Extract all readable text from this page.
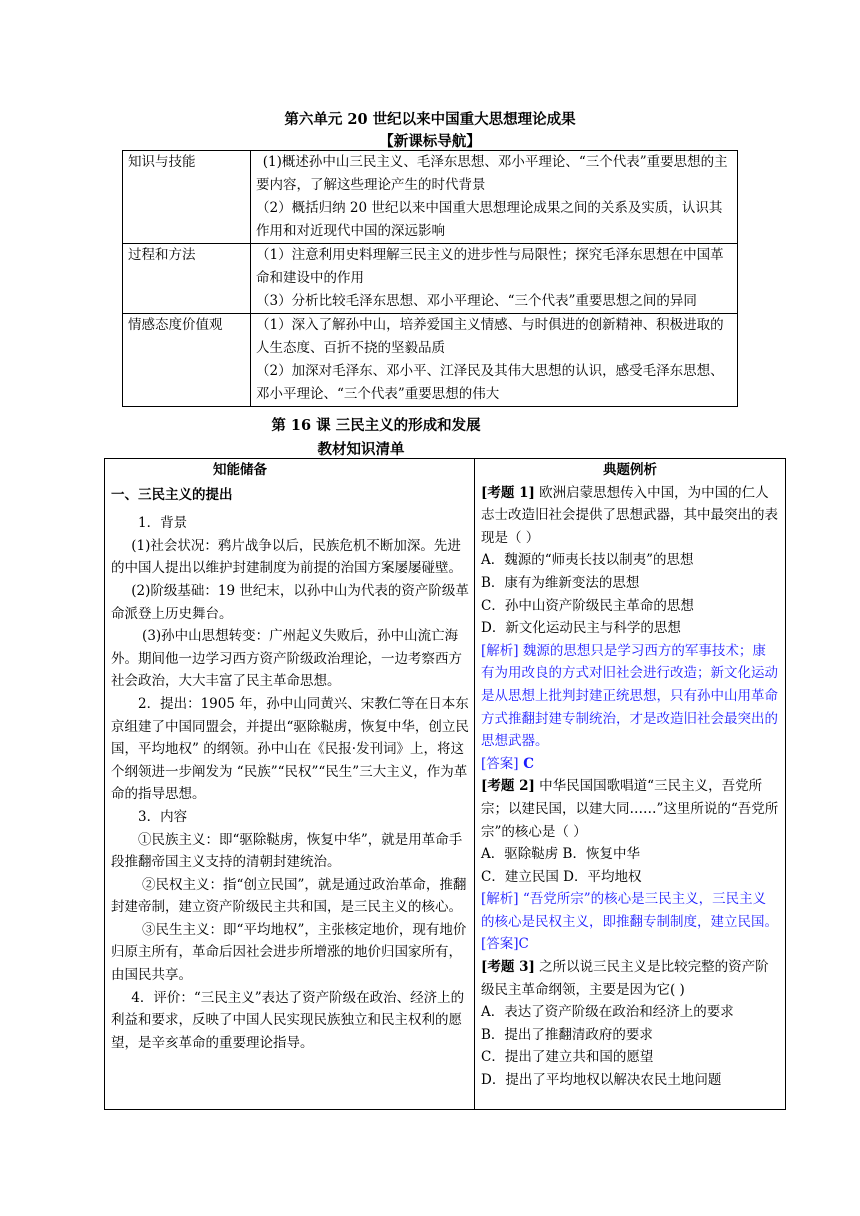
第六单元 20 世纪以来中国重大思想理论成果
【新课标导航】
知识与技能	(1)概述孙中山三民主义、毛泽东思想、邓小平理论、“三个代表”重要思想的主要内容，了解这些理论产生的时代背景

（2）概括归纳 20 世纪以来中国重大思想理论成果之间的关系及实质，认识其作用和对近现代中国的深远影响

过程和方法	（1）注意利用史料理解三民主义的进步性与局限性；探究毛泽东思想在中国革命和建设中的作用

（3）分析比较毛泽东思想、邓小平理论、“三个代表”重要思想之间的异同

情感态度价值观	（1）深入了解孙中山，培养爱国主义情感、与时俱进的创新精神、积极进取的人生态度、百折不挠的坚毅品质

（2）加深对毛泽东、邓小平、江泽民及其伟大思想的认识，感受毛泽东思想、邓小平理论、“三个代表”重要思想的伟大

第 16 课 三民主义的形成和发展
教材知识清单

知能储备

一、三民主义的提出

1．背景

(1)社会状况：鸦片战争以后，民族危机不断加深。先进的中国人提出以维护封建制度为前提的治国方案屡屡碰壁。

(2)阶级基础：19 世纪末，以孙中山为代表的资产阶级革命派登上历史舞台。

(3)孙中山思想转变：广州起义失败后，孙中山流亡海外。期间他一边学习西方资产阶级政治理论，一边考察西方社会政治，大大丰富了民主革命思想。

2．提出：1905 年，孙中山同黄兴、宋教仁等在日本东京组建了中国同盟会，并提出“驱除鞑虏，恢复中华，创立民国，平均地权” 的纲领。孙中山在《民报·发刊词》上，将这个纲领进一步阐发为 “民族”“民权”“民生”三大主义，作为革命的指导思想。

3．内容

①民族主义：即“驱除鞑虏，恢复中华”，就是用革命手段推翻帝国主义支持的清朝封建统治。

②民权主义：指“创立民国”，就是通过政治革命，推翻封建帝制，建立资产阶级民主共和国，是三民主义的核心。

③民生主义：即“平均地权”，主张核定地价，现有地价归原主所有，革命后因社会进步所增涨的地价归国家所有，由国民共享。

4．评价：“三民主义”表达了资产阶级在政治、经济上的利益和要求，反映了中国人民实现民族独立和民主权利的愿望，是辛亥革命的重要理论指导。

典题例析

[考题 1] 欧洲启蒙思想传入中国，为中国的仁人志士改造旧社会提供了思想武器，其中最突出的表现是（ ）

A．魏源的“师夷长技以制夷”的思想

B．康有为维新变法的思想

C．孙中山资产阶级民主革命的思想

D．新文化运动民主与科学的思想

[解析] 魏源的思想只是学习西方的军事技术；康有为用改良的方式对旧社会进行改造；新文化运动是从思想上批判封建正统思想，只有孙中山用革命方式推翻封建专制统治，才是改造旧社会最突出的思想武器。

[答案] C

[考题 2] 中华民国国歌唱道“三民主义，吾党所宗；以建民国，以建大同……”这里所说的“吾党所宗”的核心是（ ）

A．驱除鞑虏 B．恢复中华

C．建立民国 D．平均地权

[解析] “吾党所宗”的核心是三民主义，三民主义的核心是民权主义，即推翻专制制度，建立民国。

[答案]C

[考题 3] 之所以说三民主义是比较完整的资产阶级民主革命纲领，主要是因为它( )

A．表达了资产阶级在政治和经济上的要求

B．提出了推翻清政府的要求

C．提出了建立共和国的愿望

D．提出了平均地权以解决农民土地问题
